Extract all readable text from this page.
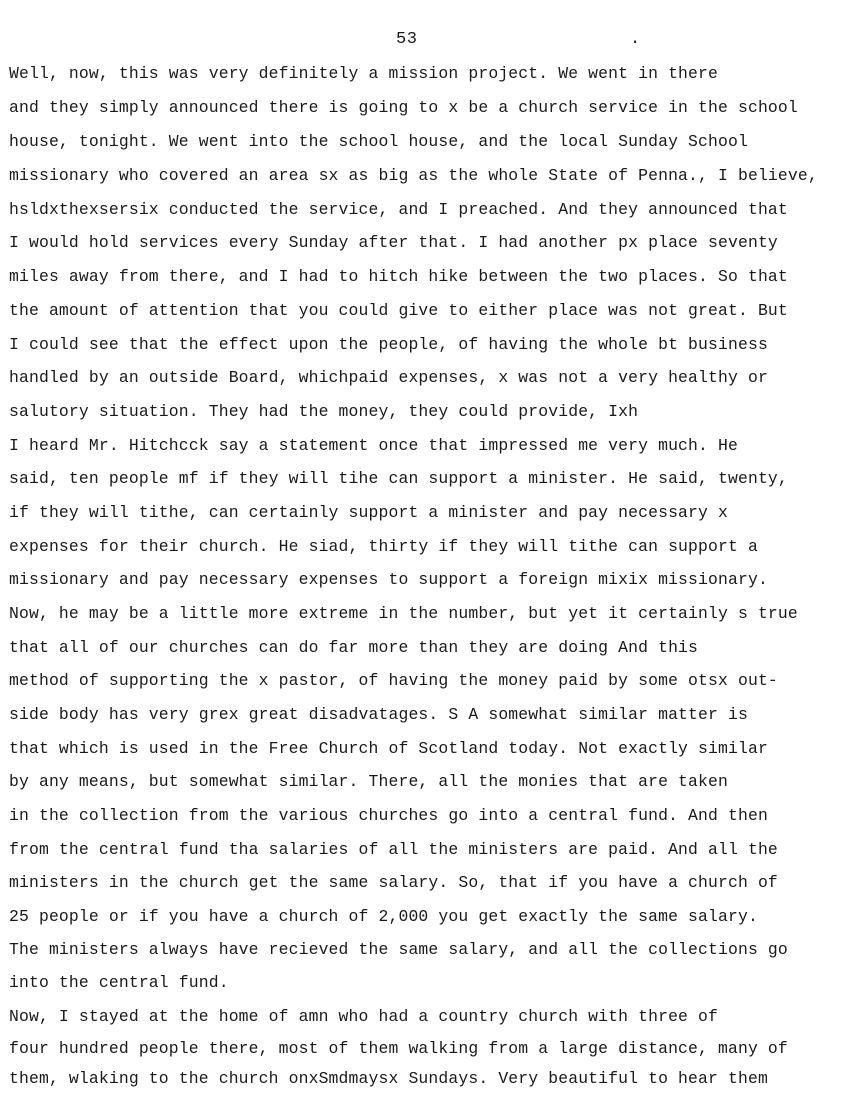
53	.
Well, now, this was very definitely a mission project. We went in there
and they simply announced there is going to x be a church service in the school
house, tonight. We went into the school house, and the local Sunday School
missionary who covered an area sx as big as the whole State of Penna., I believe,
hsldxthexsersix conducted the service, and I preached. And they announced that
I would hold services every Sunday after that. I had another px place seventy
miles away from there, and I had to hitch hike between the two places. So that
the amount of attention that you could give to either place was not great. But
I could see that the effect upon the people, of having the whole bt business
handled by an outside Board, whichpaid expenses, x was not a very healthy or
salutory situation. They had the money, they could provide, Ixh
I heard Mr. Hitchcck say a statement once that impressed me very much. He
said, ten people mf if they will tihe can support a minister. He said, twenty,
if they will tithe, can certainly support a minister and pay necessary x
expenses for their church. He siad, thirty if they will tithe can support a
missionary and pay necessary expenses to support a foreign mixix missionary.
Now, he may be a little more extreme in the number, but yet it certainly s true
that all of our churches can do far more than they are doing And this
method of supporting the x pastor, of having the money paid by some otsx out-
side body has very grex great disadvatages. S A somewhat similar matter is
that which is used in the Free Church of Scotland today. Not exactly similar
by any means, but somewhat similar. There, all the monies that are taken
in the collection from the various churches go into a central fund. And then
from the central fund tha salaries of all the ministers are paid. And all the
ministers in the church get the same salary. So, that if you have a church of
25 people or if you have a church of 2,000 you get exactly the same salary.
The ministers always have recieved the same salary, and all the collections go
into the central fund.
Now, I stayed at the home of amn who had a country church with three of
four hundred people there, most of them walking from a large distance, many of
them, wlaking to the church onxSmdmaysx Sundays. Very beautiful to hear them
